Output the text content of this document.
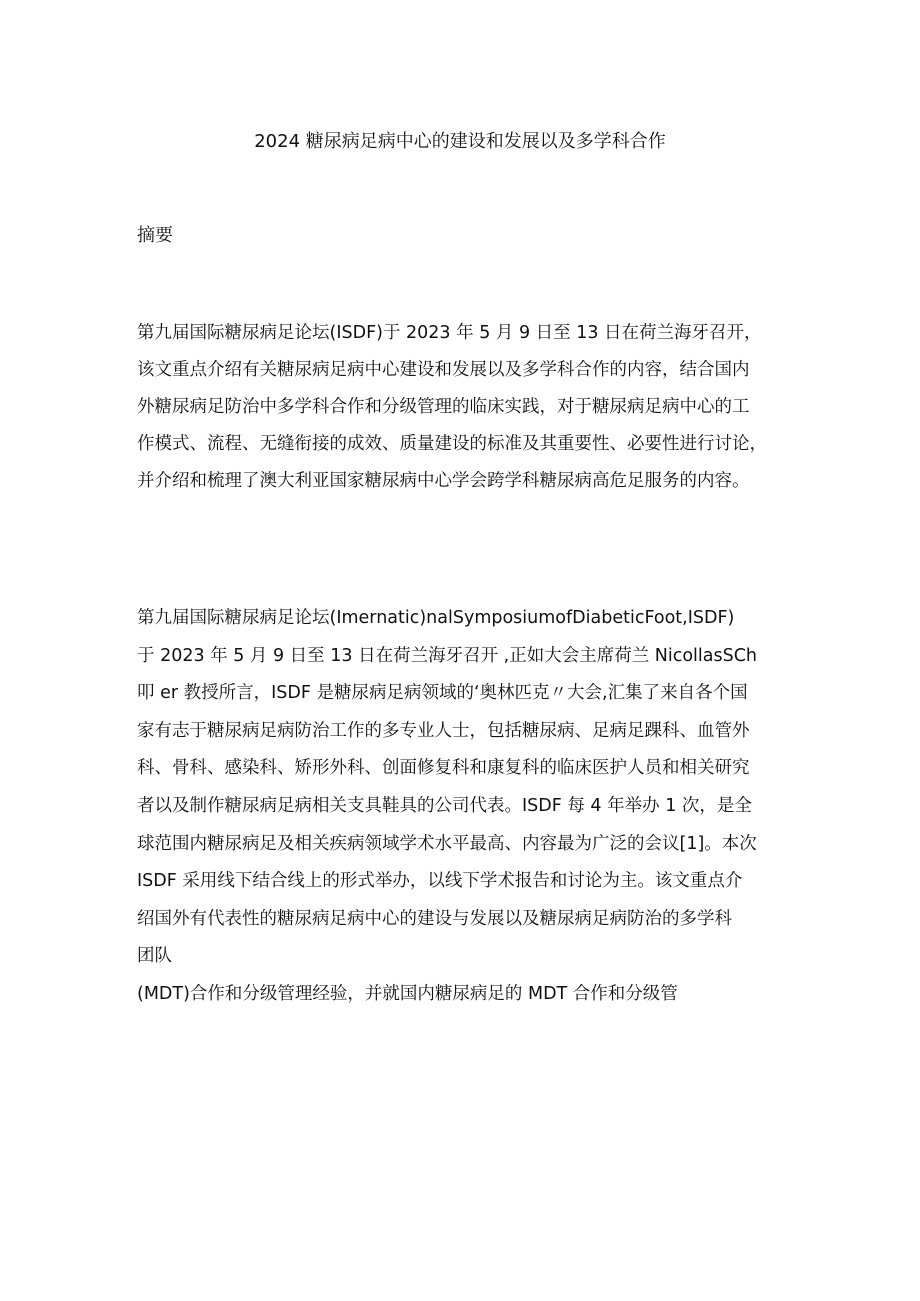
2024 糖尿病足病中心的建设和发展以及多学科合作
摘要
第九届国际糖尿病足论坛(ISDF)于 2023 年 5 月 9 日至 13 日在荷兰海牙召开，
该文重点介绍有关糖尿病足病中心建设和发展以及多学科合作的内容，结合国内
外糖尿病足防治中多学科合作和分级管理的临床实践，对于糖尿病足病中心的工
作模式、流程、无缝衔接的成效、质量建设的标准及其重要性、必要性进行讨论，
并介绍和梳理了澳大利亚国家糖尿病中心学会跨学科糖尿病高危足服务的内容。
第九届国际糖尿病足论坛(Imernatic)nalSymposiumofDiabeticFoot,ISDF)
于 2023 年 5 月 9 日至 13 日在荷兰海牙召开 ,正如大会主席荷兰 NicollasSCh
叩 er 教授所言，ISDF 是糖尿病足病领域的‘奥林匹克〃大会,汇集了来自各个国
家有志于糖尿病足病防治工作的多专业人士，包括糖尿病、足病足踝科、血管外
科、骨科、感染科、矫形外科、创面修复科和康复科的临床医护人员和相关研究
者以及制作糖尿病足病相关支具鞋具的公司代表。ISDF 每 4 年举办 1 次，是全
球范围内糖尿病足及相关疾病领域学术水平最高、内容最为广泛的会议[1]。本次
ISDF 采用线下结合线上的形式举办，以线下学术报告和讨论为主。该文重点介
绍国外有代表性的糖尿病足病中心的建设与发展以及糖尿病足病防治的多学科
团队
(MDT)合作和分级管理经验，并就国内糖尿病足的 MDT 合作和分级管
